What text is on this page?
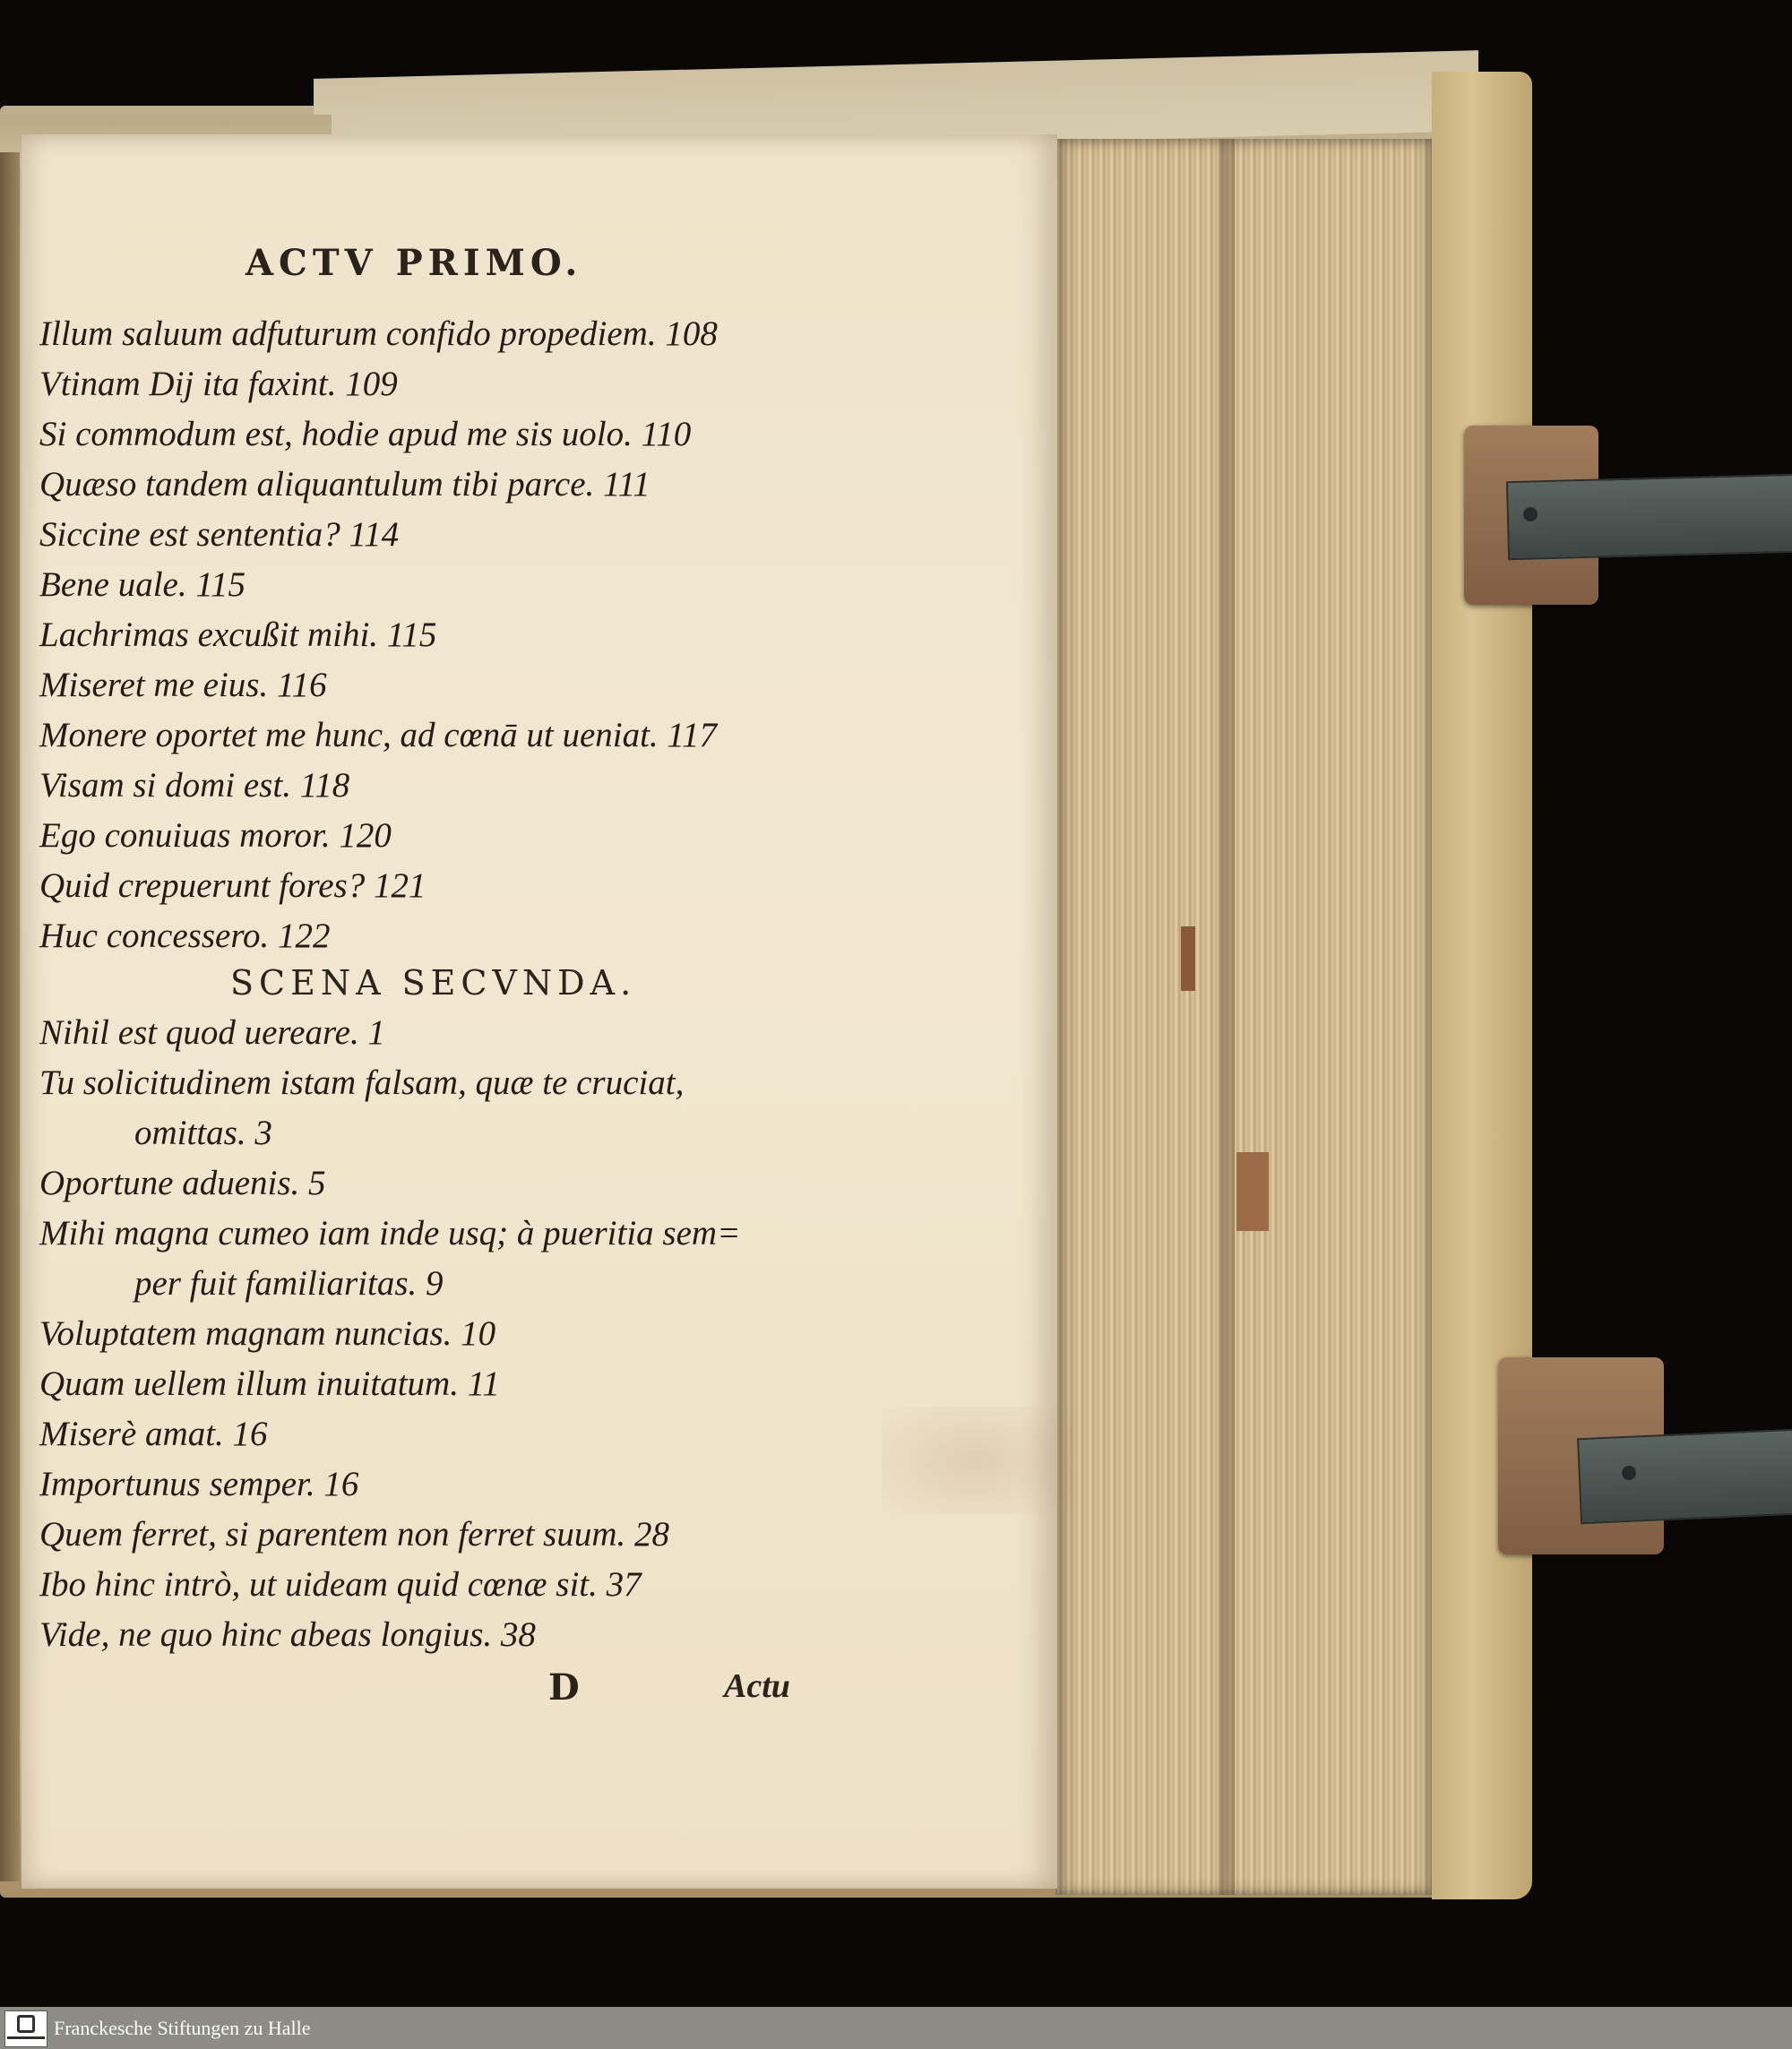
ACTV PRIMO.
Illum saluum adfuturum confido propediem. 108
Vtinam Dij ita faxint. 109
Si commodum est, hodie apud me sis uolo. 110
Quæso tandem aliquantulum tibi parce. 111
Siccine est sententia? 114
Bene uale. 115
Lachrimas excußit mihi. 115
Miseret me eius. 116
Monere oportet me hunc, ad cœnā ut ueniat. 117
Visam si domi est. 118
Ego conuiuas moror. 120
Quid crepuerunt fores? 121
Huc concessero. 122
SCENA SECVNDA.
Nihil est quod uereare. 1
Tu solicitudinem istam falsam, quæ te cruciat,
omittas. 3
Oportune aduenis. 5
Mihi magna cumeo iam inde usq; à pueritia sem=
per fuit familiaritas. 9
Voluptatem magnam nuncias. 10
Quam uellem illum inuitatum. 11
Miserè amat. 16
Importunus semper. 16
Quem ferret, si parentem non ferret suum. 28
Ibo hinc intrò, ut uideam quid cœnæ sit. 37
Vide, ne quo hinc abeas longius. 38
D	Actu
Franckesche Stiftungen zu Halle
